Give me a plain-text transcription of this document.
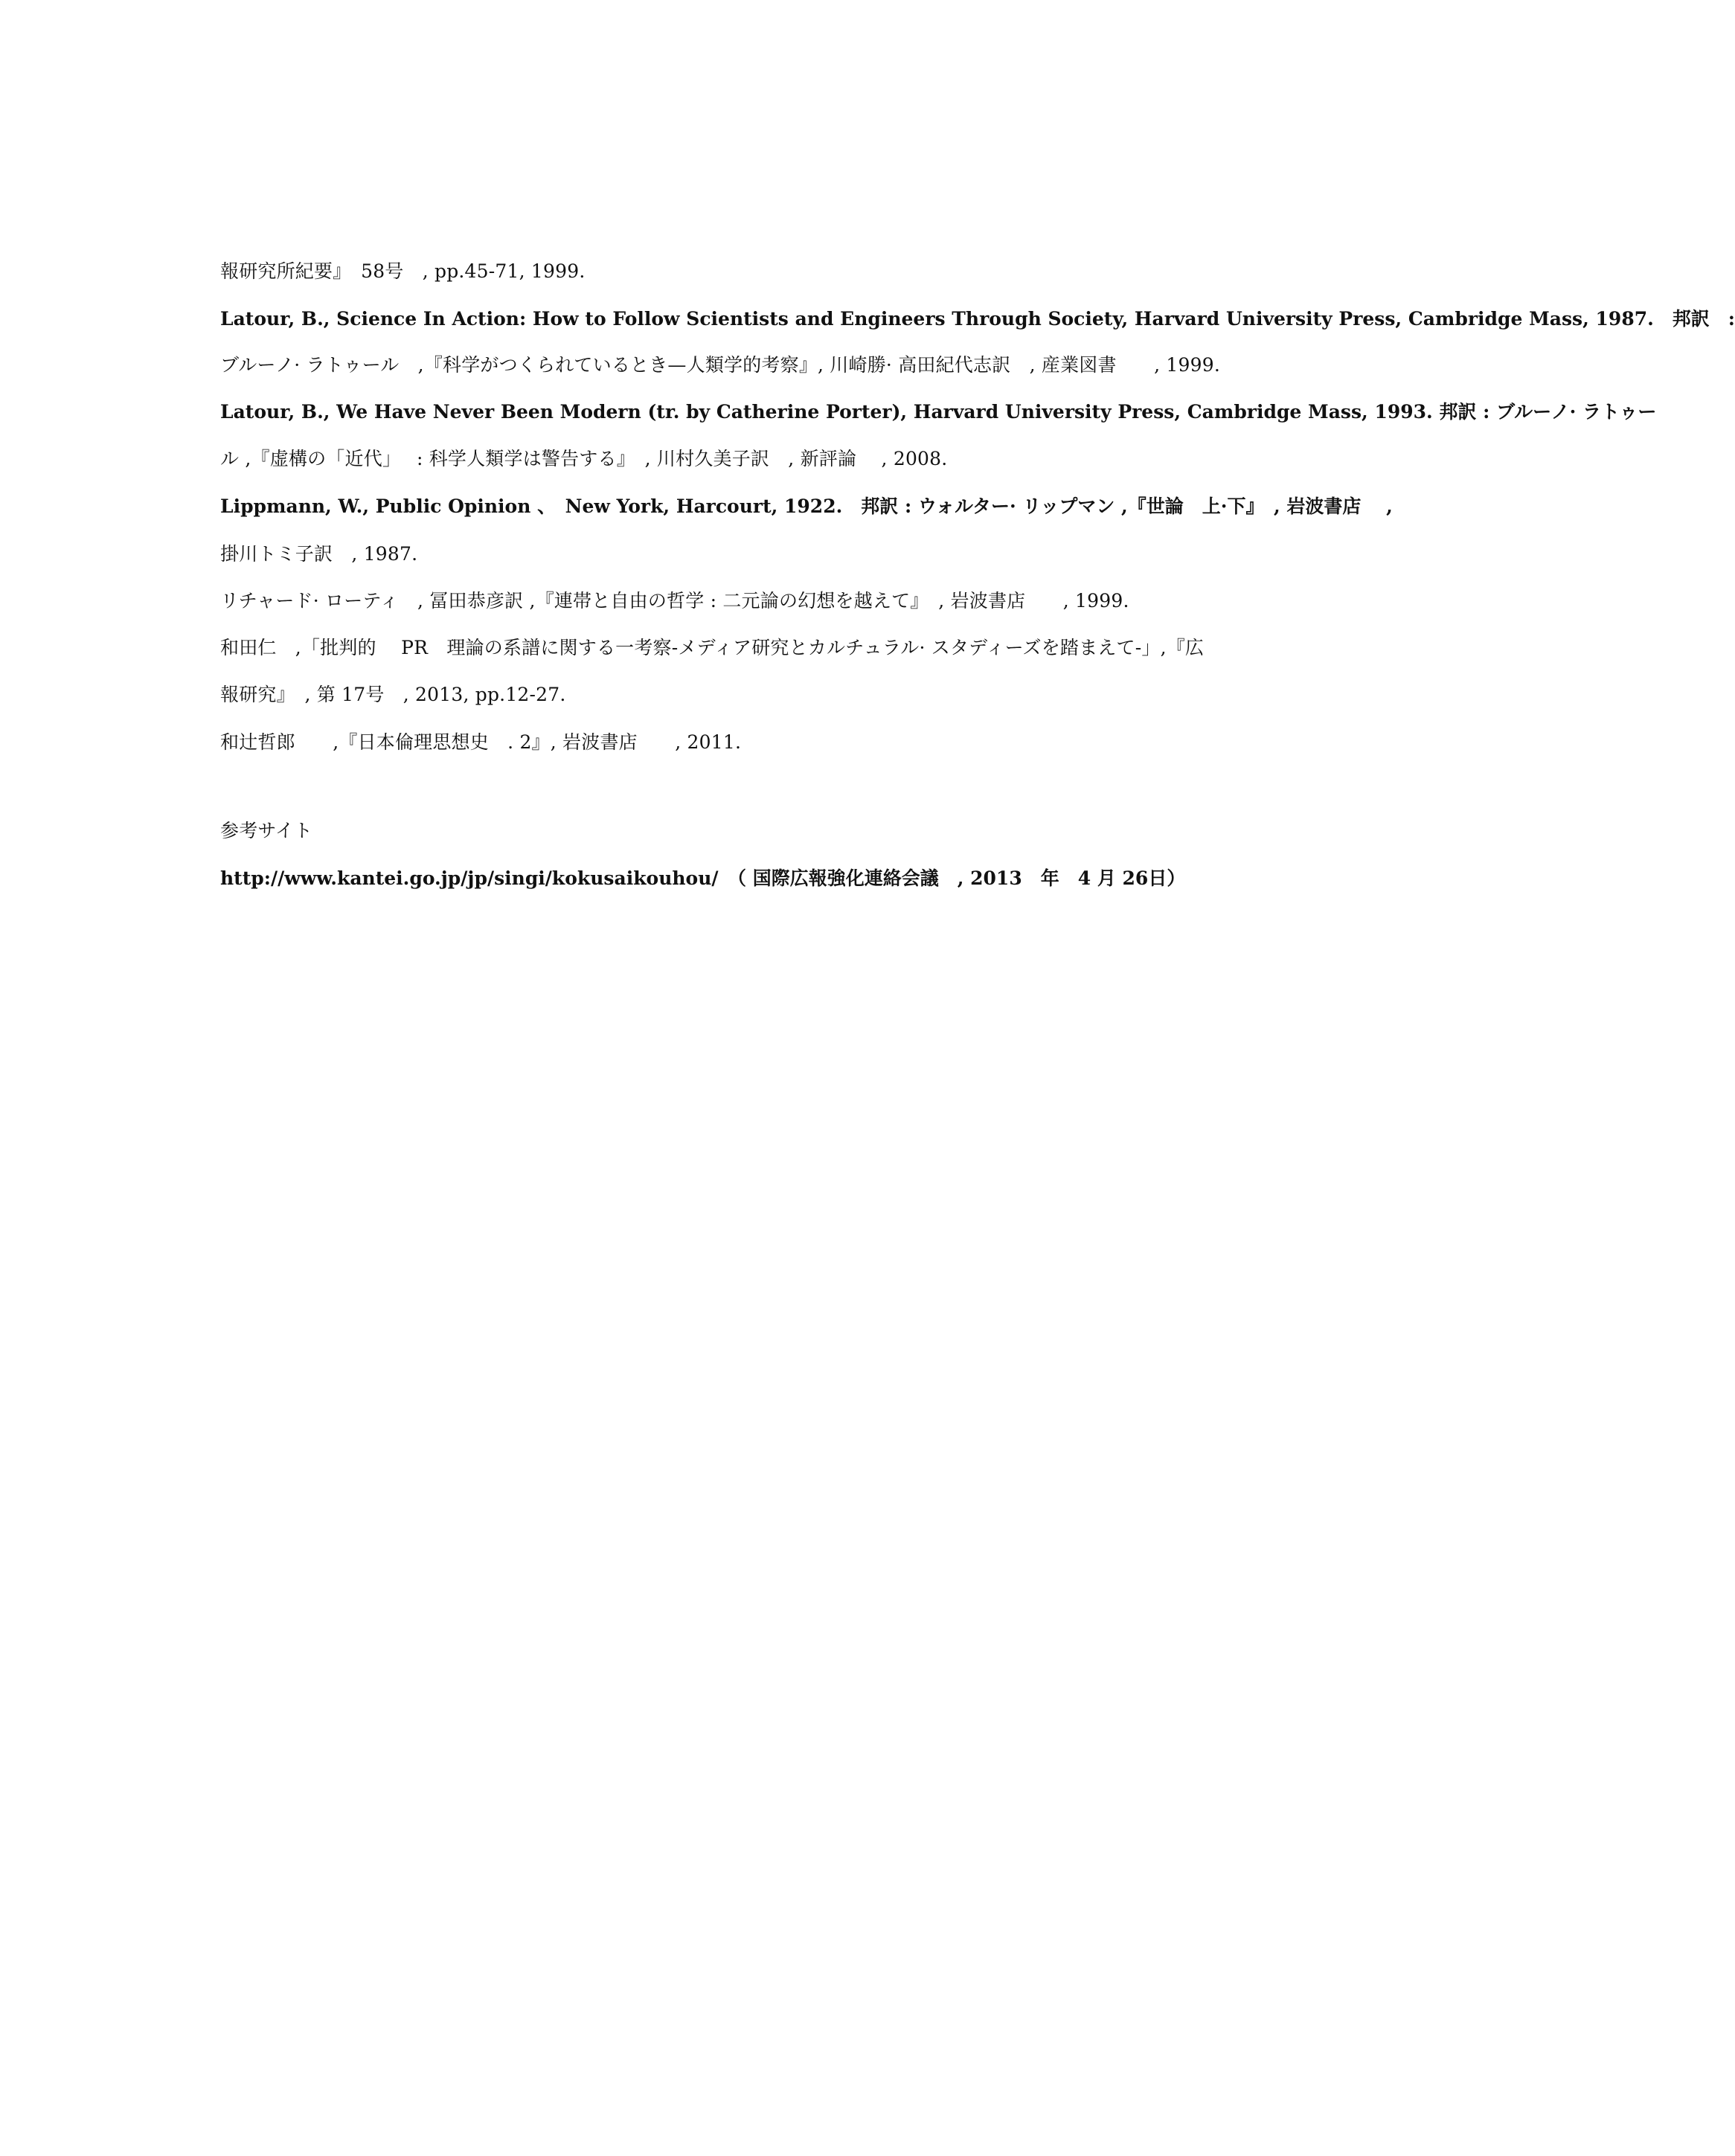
報研究所紀要』　58号　, pp.45-71, 1999.
Latour, B., Science In Action: How to Follow Scientists and Engineers Through Society, Harvard University Press, Cambridge Mass, 1987.　邦訳　:
ブルーノ· ラトゥール　,『科学がつくられているとき—人類学的考察』, 川崎勝· 高田紀代志訳　, 産業図書　　, 1999.
Latour, B., We Have Never Been Modern (tr. by Catherine Porter), Harvard University Press, Cambridge Mass, 1993. 邦訳 : ブルーノ· ラトゥー
ル ,『虚構の「近代」　 : 科学人類学は警告する』　, 川村久美子訳　, 新評論　 , 2008.
Lippmann, W., Public Opinion 、　New York, Harcourt, 1922.　邦訳 : ウォルター· リップマン ,『世論　上·下』　, 岩波書店　 ,
掛川トミ子訳　, 1987.
リチャード· ローティ　, 冨田恭彦訳 ,『連帯と自由の哲学 : 二元論の幻想を越えて』　, 岩波書店　　, 1999.
和田仁　,「批判的　 PR　理論の系譜に関する一考察-メディア研究とカルチュラル· スタディーズを踏まえて-」,『広
報研究』　, 第 17号　, 2013, pp.12-27.
和辻哲郎　　,『日本倫理思想史　. 2』, 岩波書店　　, 2011.
参考サイト
http://www.kantei.go.jp/jp/singi/kokusaikouhou/　（ 国際広報強化連絡会議　, 2013　年　4 月 26日）
